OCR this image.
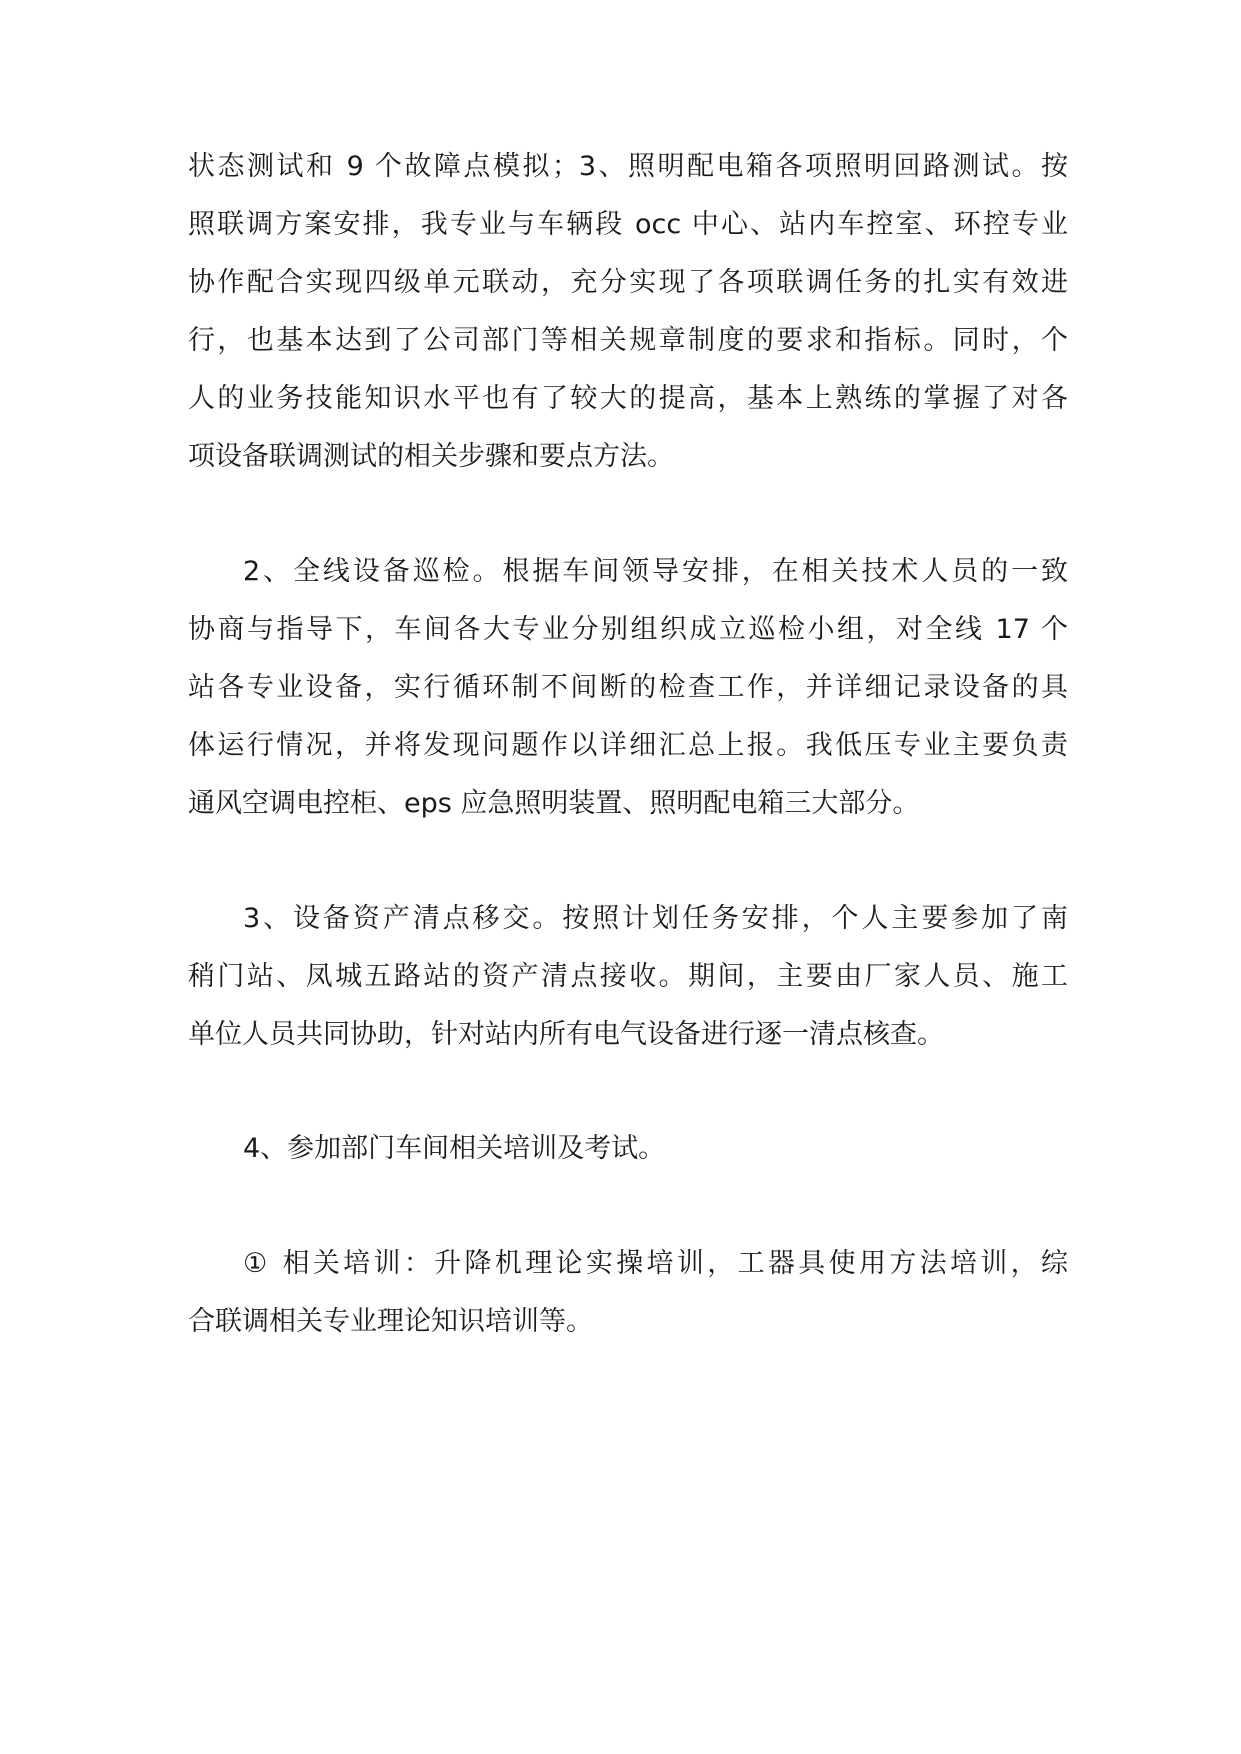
状态测试和 9 个故障点模拟；3、照明配电箱各项照明回路测试。按
照联调方案安排，我专业与车辆段 occ 中心、站内车控室、环控专业
协作配合实现四级单元联动，充分实现了各项联调任务的扎实有效进
行，也基本达到了公司部门等相关规章制度的要求和指标。同时，个
人的业务技能知识水平也有了较大的提高，基本上熟练的掌握了对各
项设备联调测试的相关步骤和要点方法。
2、全线设备巡检。根据车间领导安排，在相关技术人员的一致
协商与指导下，车间各大专业分别组织成立巡检小组，对全线 17 个
站各专业设备，实行循环制不间断的检查工作，并详细记录设备的具
体运行情况，并将发现问题作以详细汇总上报。我低压专业主要负责
通风空调电控柜、eps 应急照明装置、照明配电箱三大部分。
3、设备资产清点移交。按照计划任务安排，个人主要参加了南
稍门站、凤城五路站的资产清点接收。期间，主要由厂家人员、施工
单位人员共同协助，针对站内所有电气设备进行逐一清点核查。
4、参加部门车间相关培训及考试。
① 相关培训：升降机理论实操培训，工器具使用方法培训，综
合联调相关专业理论知识培训等。
